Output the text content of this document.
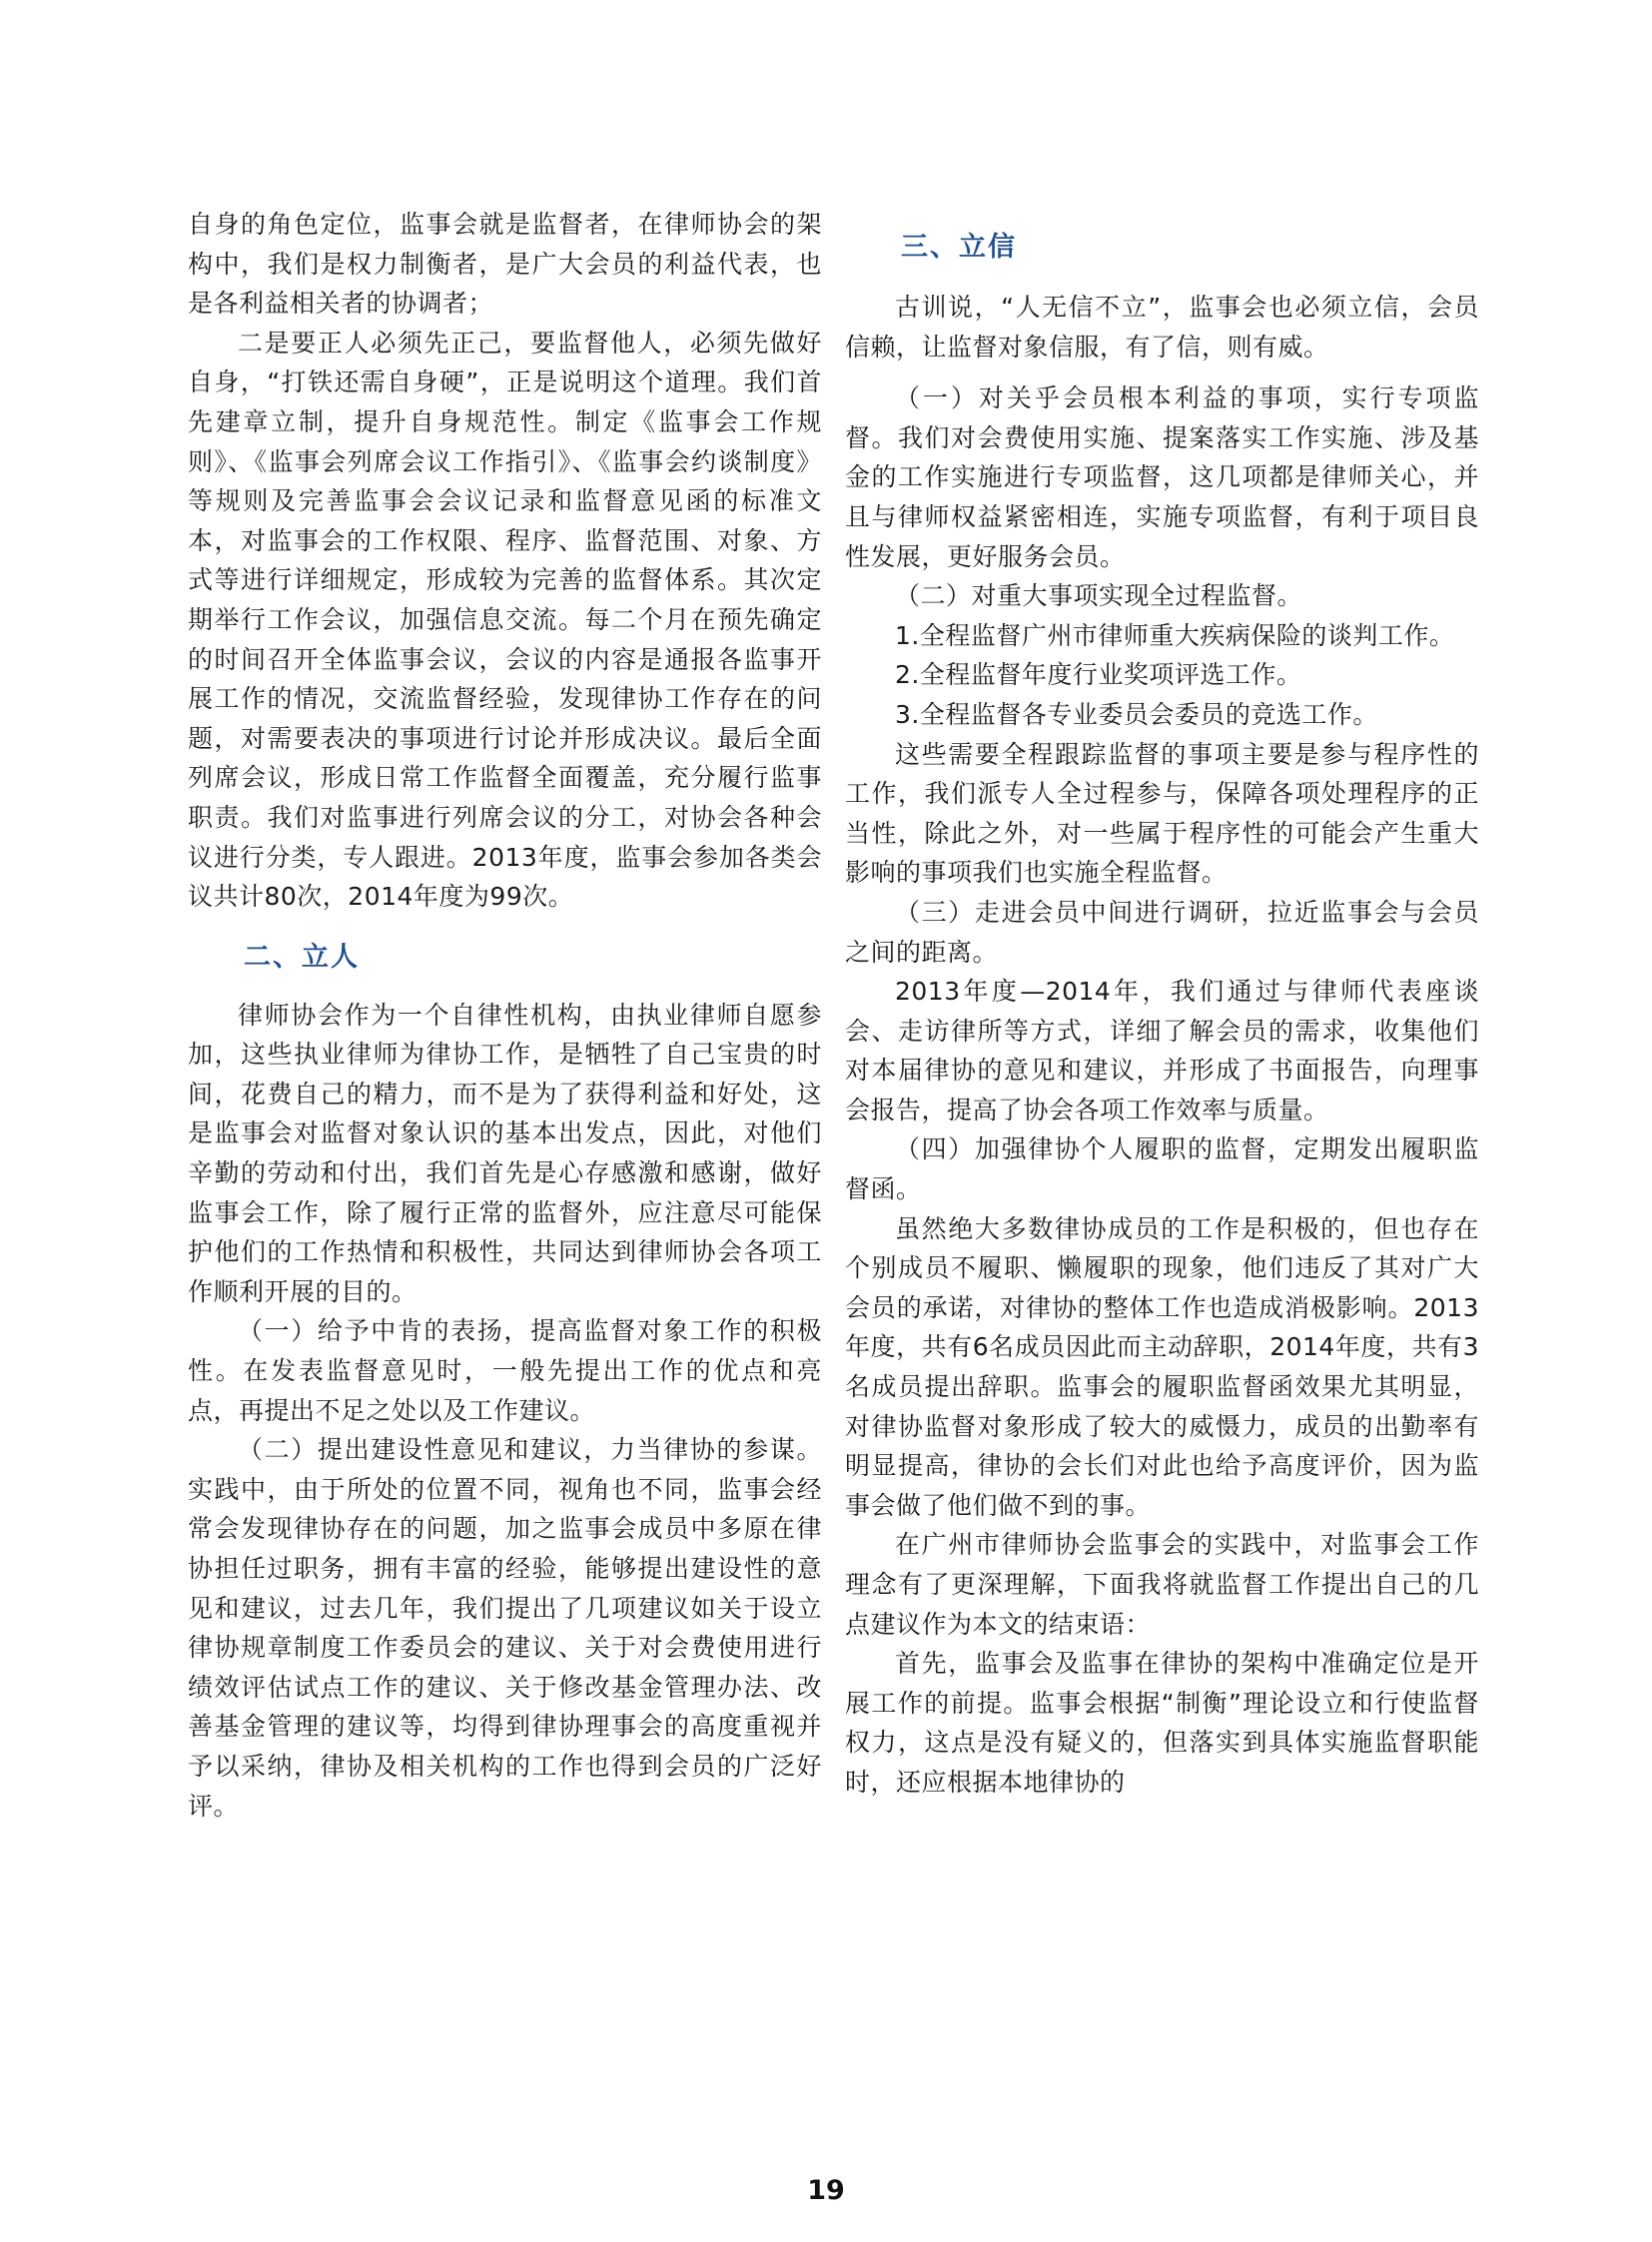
自身的角色定位，监事会就是监督者，在律师协会的架构中，我们是权力制衡者，是广大会员的利益代表，也是各利益相关者的协调者；

二是要正人必须先正己，要监督他人，必须先做好自身，“打铁还需自身硬”，正是说明这个道理。我们首先建章立制，提升自身规范性。制定《监事会工作规则》、《监事会列席会议工作指引》、《监事会约谈制度》等规则及完善监事会会议记录和监督意见函的标准文本，对监事会的工作权限、程序、监督范围、对象、方式等进行详细规定，形成较为完善的监督体系。其次定期举行工作会议，加强信息交流。每二个月在预先确定的时间召开全体监事会议，会议的内容是通报各监事开展工作的情况，交流监督经验，发现律协工作存在的问题，对需要表决的事项进行讨论并形成决议。最后全面列席会议，形成日常工作监督全面覆盖，充分履行监事职责。我们对监事进行列席会议的分工，对协会各种会议进行分类，专人跟进。2013年度，监事会参加各类会议共计80次，2014年度为99次。

二、立人

律师协会作为一个自律性机构，由执业律师自愿参加，这些执业律师为律协工作，是牺牲了自己宝贵的时间，花费自己的精力，而不是为了获得利益和好处，这是监事会对监督对象认识的基本出发点，因此，对他们辛勤的劳动和付出，我们首先是心存感激和感谢，做好监事会工作，除了履行正常的监督外，应注意尽可能保护他们的工作热情和积极性，共同达到律师协会各项工作顺利开展的目的。

（一）给予中肯的表扬，提高监督对象工作的积极性。在发表监督意见时，一般先提出工作的优点和亮点，再提出不足之处以及工作建议。

（二）提出建设性意见和建议，力当律协的参谋。实践中，由于所处的位置不同，视角也不同，监事会经常会发现律协存在的问题，加之监事会成员中多原在律协担任过职务，拥有丰富的经验，能够提出建设性的意见和建议，过去几年，我们提出了几项建议如关于设立律协规章制度工作委员会的建议、关于对会费使用进行绩效评估试点工作的建议、关于修改基金管理办法、改善基金管理的建议等，均得到律协理事会的高度重视并予以采纳，律协及相关机构的工作也得到会员的广泛好评。

三、立信

古训说，“人无信不立”，监事会也必须立信，会员信赖，让监督对象信服，有了信，则有威。

（一）对关乎会员根本利益的事项，实行专项监督。我们对会费使用实施、提案落实工作实施、涉及基金的工作实施进行专项监督，这几项都是律师关心，并且与律师权益紧密相连，实施专项监督，有利于项目良性发展，更好服务会员。

（二）对重大事项实现全过程监督。

1.全程监督广州市律师重大疾病保险的谈判工作。

2.全程监督年度行业奖项评选工作。

3.全程监督各专业委员会委员的竞选工作。

这些需要全程跟踪监督的事项主要是参与程序性的工作，我们派专人全过程参与，保障各项处理程序的正当性，除此之外，对一些属于程序性的可能会产生重大影响的事项我们也实施全程监督。

（三）走进会员中间进行调研，拉近监事会与会员之间的距离。

2013年度—2014年，我们通过与律师代表座谈会、走访律所等方式，详细了解会员的需求，收集他们对本届律协的意见和建议，并形成了书面报告，向理事会报告，提高了协会各项工作效率与质量。

（四）加强律协个人履职的监督，定期发出履职监督函。

虽然绝大多数律协成员的工作是积极的，但也存在个别成员不履职、懒履职的现象，他们违反了其对广大会员的承诺，对律协的整体工作也造成消极影响。2013年度，共有6名成员因此而主动辞职，2014年度，共有3名成员提出辞职。监事会的履职监督函效果尤其明显，对律协监督对象形成了较大的威慑力，成员的出勤率有明显提高，律协的会长们对此也给予高度评价，因为监事会做了他们做不到的事。

在广州市律师协会监事会的实践中，对监事会工作理念有了更深理解，下面我将就监督工作提出自己的几点建议作为本文的结束语：

首先，监事会及监事在律协的架构中准确定位是开展工作的前提。监事会根据“制衡”理论设立和行使监督权力，这点是没有疑义的，但落实到具体实施监督职能时，还应根据本地律协的

19
